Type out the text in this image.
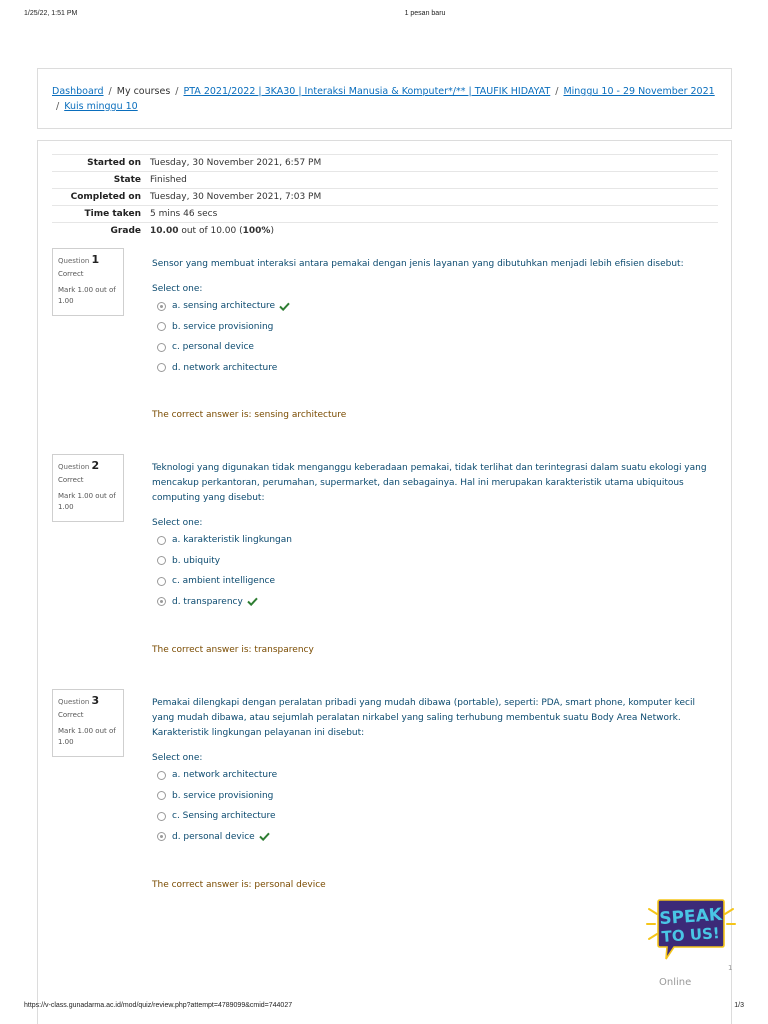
1/25/22, 1:51 PM	1 pesan baru
Dashboard / My courses / PTA 2021/2022 | 3KA30 | Interaksi Manusia & Komputer*/** | TAUFIK HIDAYAT / Minggu 10 - 29 November 2021
/ Kuis minggu 10
Started on	Tuesday, 30 November 2021, 6:57 PM
State	Finished
Completed on	Tuesday, 30 November 2021, 7:03 PM
Time taken	5 mins 46 secs
Grade	10.00 out of 10.00 (100%)
Question 1
Correct
Mark 1.00 out of 1.00
Sensor yang membuat interaksi antara pemakai dengan jenis layanan yang dibutuhkan menjadi lebih efisien disebut:
Select one:
a. sensing architecture
b. service provisioning
c. personal device
d. network architecture
The correct answer is: sensing architecture
Question 2
Correct
Mark 1.00 out of 1.00
Teknologi yang digunakan tidak menganggu keberadaan pemakai, tidak terlihat dan terintegrasi dalam suatu ekologi yang mencakup perkantoran, perumahan, supermarket, dan sebagainya. Hal ini merupakan karakteristik utama ubiquitous computing yang disebut:
Select one:
a. karakteristik lingkungan
b. ubiquity
c. ambient intelligence
d. transparency
The correct answer is: transparency
Question 3
Correct
Mark 1.00 out of 1.00
Pemakai dilengkapi dengan peralatan pribadi yang mudah dibawa (portable), seperti: PDA, smart phone, komputer kecil yang mudah dibawa, atau sejumlah peralatan nirkabel yang saling terhubung membentuk suatu Body Area Network. Karakteristik lingkungan pelayanan ini disebut:
Select one:
a. network architecture
b. service provisioning
c. Sensing architecture
d. personal device
The correct answer is: personal device
SPEAK
TO US!
1
Online
https://v-class.gunadarma.ac.id/mod/quiz/review.php?attempt=4789099&cmid=744027	1/3
